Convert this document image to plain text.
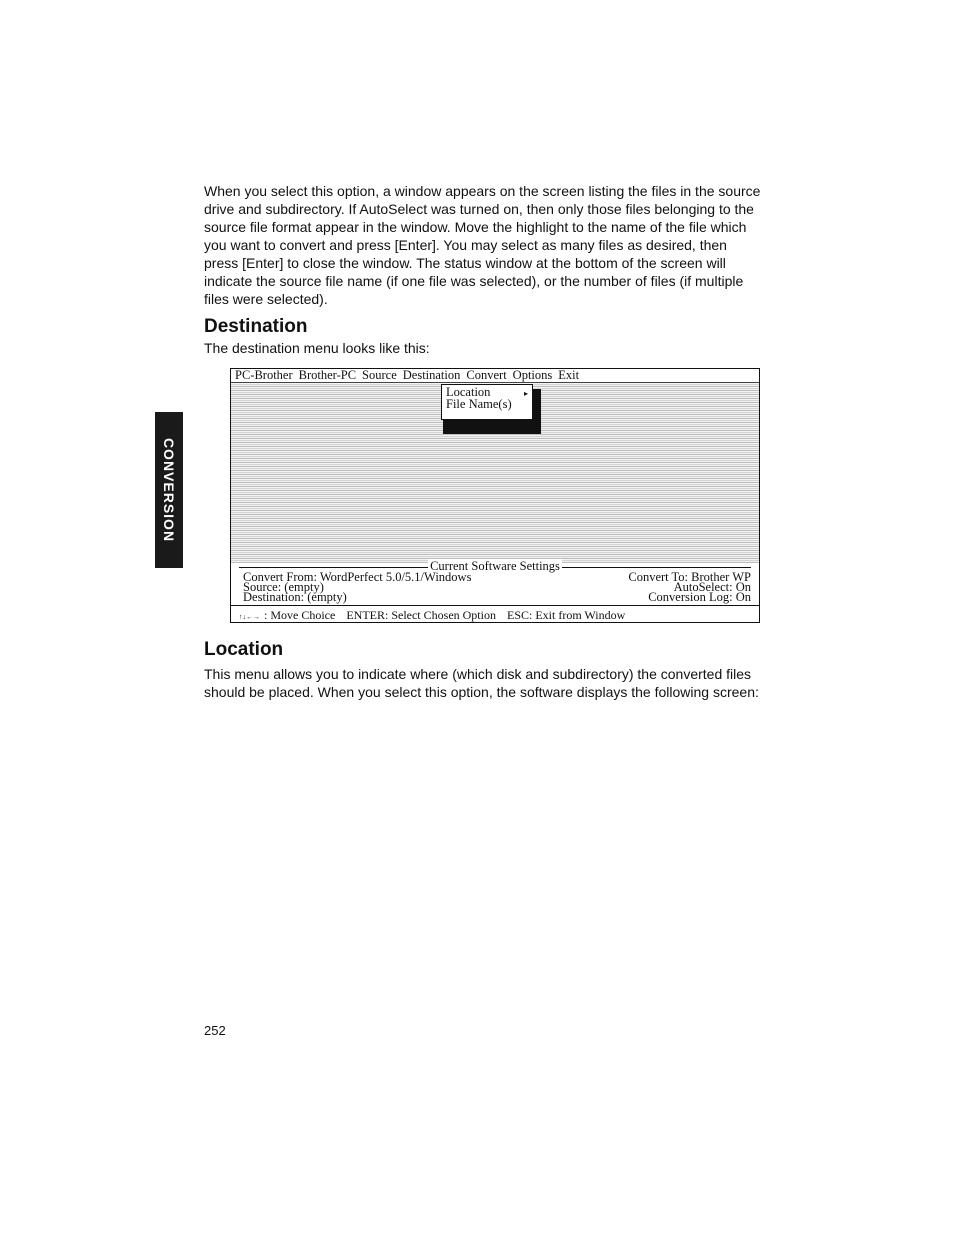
CONVERSION

When you select this option, a window appears on the screen listing the files in the source drive and subdirectory. If AutoSelect was turned on, then only those files belonging to the source file format appear in the window. Move the highlight to the name of the file which you want to convert and press [Enter]. You may select as many files as desired, then press [Enter] to close the window. The status window at the bottom of the screen will indicate the source file name (if one file was selected), or the number of files (if multiple files were selected).

Destination

The destination menu looks like this:

PC-Brother Brother-PC Source Destination Convert Options Exit
Location	▸
File Name(s)
Current Software Settings
Convert From: WordPerfect 5.0/5.1/Windows	Convert To: Brother WP
Source: (empty)	AutoSelect: On
Destination: (empty)	Conversion Log: On
↑↓←→ : Move Choice ENTER: Select Chosen Option ESC: Exit from Window
Location

This menu allows you to indicate where (which disk and subdirectory) the converted files should be placed. When you select this option, the software displays the following screen:

252
